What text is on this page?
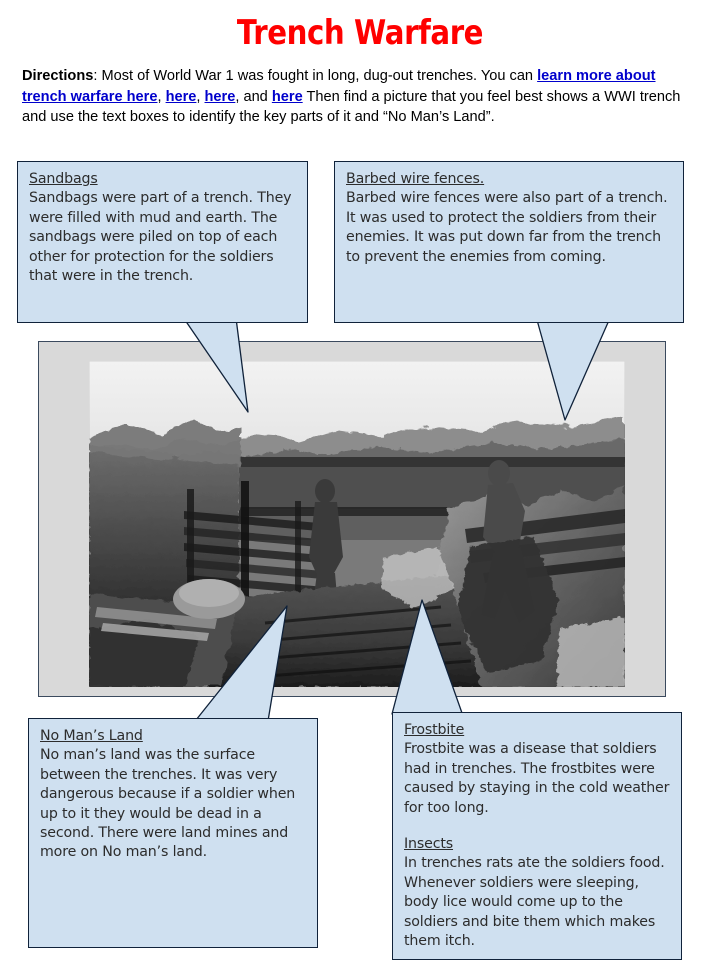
Trench Warfare
Directions: Most of World War 1 was fought in long, dug-out trenches. You can learn more about trench warfare here, here, here, and here Then find a picture that you feel best shows a WWI trench and use the text boxes to identify the key parts of it and “No Man’s Land”.
Sandbags
Sandbags were part of a trench. They were filled with mud and earth. The sandbags were piled on top of each other for protection for the soldiers that were in the trench.
Barbed wire fences.
Barbed wire fences were also part of a trench. It was used to protect the soldiers from their enemies. It was put down far from the trench to prevent the enemies from coming.
No Man’s Land
No man’s land was the surface between the trenches. It was very dangerous because if a soldier when up to it they would be dead in a second. There were land mines and more on No man’s land.
Frostbite
Frostbite was a disease that soldiers had in trenches. The frostbites were caused by staying in the cold weather for too long.
Insects
In trenches rats ate the soldiers food. Whenever soldiers were sleeping, body lice would come up to the soldiers and bite them which makes them itch.
